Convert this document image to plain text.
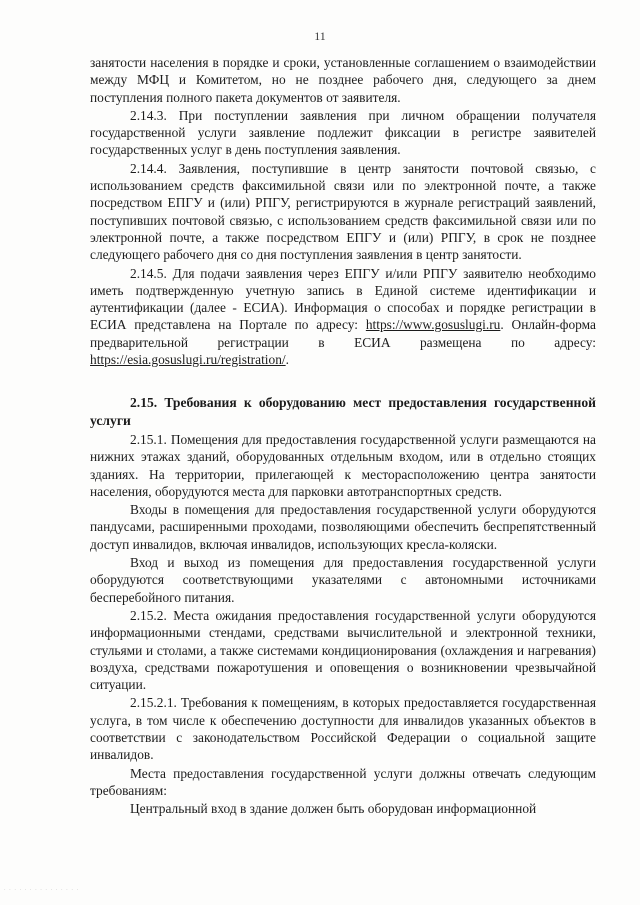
11

занятости населения в порядке и сроки, установленные соглашением о взаимодействии между МФЦ и Комитетом, но не позднее рабочего дня, следующего за днем поступления полного пакета документов от заявителя.

2.14.3. При поступлении заявления при личном обращении получателя государственной услуги заявление подлежит фиксации в регистре заявителей государственных услуг в день поступления заявления.

2.14.4. Заявления, поступившие в центр занятости почтовой связью, с использованием средств факсимильной связи или по электронной почте, а также посредством ЕПГУ и (или) РПГУ, регистрируются в журнале регистраций заявлений, поступивших почтовой связью, с использованием средств факсимильной связи или по электронной почте, а также посредством ЕПГУ и (или) РПГУ, в срок не позднее следующего рабочего дня со дня поступления заявления в центр занятости.

2.14.5. Для подачи заявления через ЕПГУ и/или РПГУ заявителю необходимо иметь подтвержденную учетную запись в Единой системе идентификации и аутентификации (далее - ЕСИА). Информация о способах и порядке регистрации в ЕСИА представлена на Портале по адресу: https://www.gosuslugi.ru. Онлайн-форма предварительной регистрации в ЕСИА размещена по адресу: https://esia.gosuslugi.ru/registration/.

2.15. Требования к оборудованию мест предоставления государственной услуги

2.15.1. Помещения для предоставления государственной услуги размещаются на нижних этажах зданий, оборудованных отдельным входом, или в отдельно стоящих зданиях. На территории, прилегающей к месторасположению центра занятости населения, оборудуются места для парковки автотранспортных средств.

Входы в помещения для предоставления государственной услуги оборудуются пандусами, расширенными проходами, позволяющими обеспечить беспрепятственный доступ инвалидов, включая инвалидов, использующих кресла-коляски.

Вход и выход из помещения для предоставления государственной услуги оборудуются соответствующими указателями с автономными источниками бесперебойного питания.

2.15.2. Места ожидания предоставления государственной услуги оборудуются информационными стендами, средствами вычислительной и электронной техники, стульями и столами, а также системами кондиционирования (охлаждения и нагревания) воздуха, средствами пожаротушения и оповещения о возникновении чрезвычайной ситуации.

2.15.2.1. Требования к помещениям, в которых предоставляется государственная услуга, в том числе к обеспечению доступности для инвалидов указанных объектов в соответствии с законодательством Российской Федерации о социальной защите инвалидов.

Места предоставления государственной услуги должны отвечать следующим требованиям:

Центральный вход в здание должен быть оборудован информационной

· · · · · · · · · · · · · · ·
